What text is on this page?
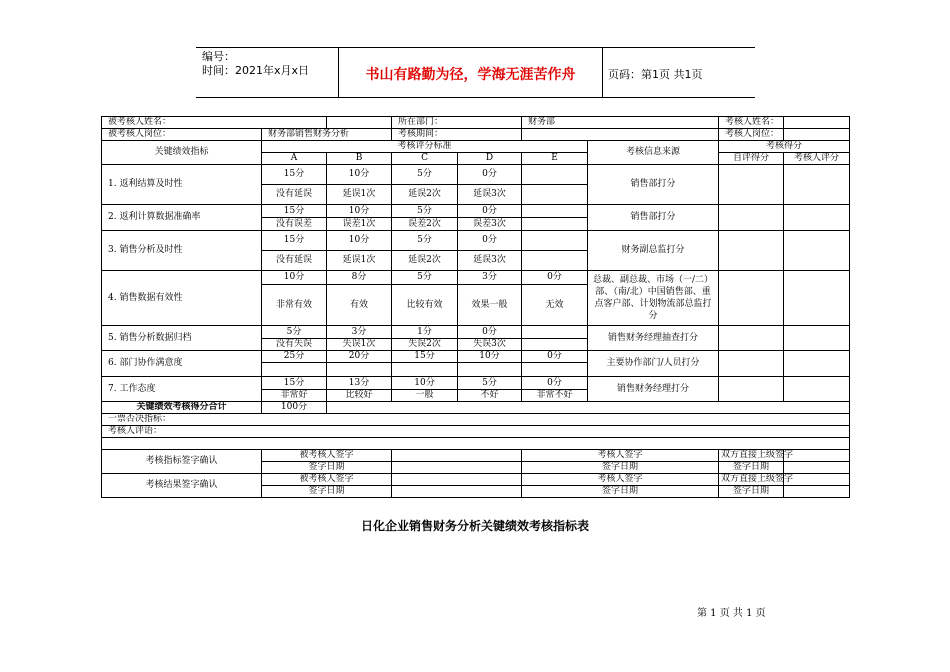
编号：
时间：2021年x月x日	书山有路勤为径，学海无涯苦作舟	页码：第1页 共1页
被考核人姓名：			所在部门：		财务部		考核人姓名：	
被考核人岗位：	财务部销售财务分析		考核期间：				考核人岗位：	
关键绩效指标	考核评分标准					考核信息来源	考核得分	
	A	B	C	D	E		自评得分	考核人评分
1. 返利结算及时性	15分	10分	5分	0分		销售部打分		
	没有延误	延误1次	延误2次	延误3次				
2. 返利计算数据准确率	15分	10分	5分	0分		销售部打分		
	没有误差	误差1次	误差2次	误差3次				
3. 销售分析及时性	15分	10分	5分	0分		财务副总监打分		
	没有延误	延误1次	延误2次	延误3次				
4. 销售数据有效性	10分	8分	5分	3分	0分	总裁、副总裁、市场（一/二）部、（南/北）中国销售部、重点客户部、计划物流部总监打分		
	非常有效	有效	比较有效	效果一般	无效			
5. 销售分析数据归档	5分	3分	1分	0分		销售财务经理抽查打分		
	没有失误	失误1次	失误2次	失误3次				
6. 部门协作满意度	25分	20分	15分	10分	0分	主要协作部门/人员打分		

7. 工作态度	15分	13分	10分	5分	0分	销售财务经理打分		
	非常好	比较好	一般	不好	非常不好			
关键绩效考核得分合计	100分							
一票否决指标：								
考核人评语：								

考核指标签字确认	被考核人签字				考核人签字		双方直接上级签字	
	签字日期				签字日期		签字日期	
考核结果签字确认	被考核人签字				考核人签字		双方直接上级签字	
	签字日期				签字日期		签字日期	
日化企业销售财务分析关键绩效考核指标表
第 1 页 共 1 页
